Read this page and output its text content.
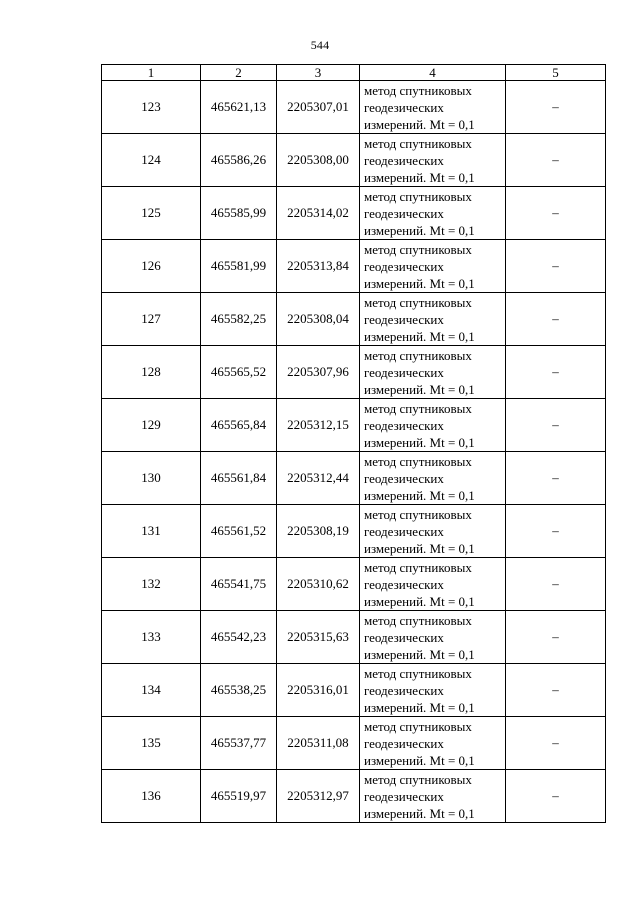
544
1	2	3	4	5
123	465621,13	2205307,01	метод спутниковых
геодезических
измерений. Mt = 0,1	–
124	465586,26	2205308,00	метод спутниковых
геодезических
измерений. Mt = 0,1	–
125	465585,99	2205314,02	метод спутниковых
геодезических
измерений. Mt = 0,1	–
126	465581,99	2205313,84	метод спутниковых
геодезических
измерений. Mt = 0,1	–
127	465582,25	2205308,04	метод спутниковых
геодезических
измерений. Mt = 0,1	–
128	465565,52	2205307,96	метод спутниковых
геодезических
измерений. Mt = 0,1	–
129	465565,84	2205312,15	метод спутниковых
геодезических
измерений. Mt = 0,1	–
130	465561,84	2205312,44	метод спутниковых
геодезических
измерений. Mt = 0,1	–
131	465561,52	2205308,19	метод спутниковых
геодезических
измерений. Mt = 0,1	–
132	465541,75	2205310,62	метод спутниковых
геодезических
измерений. Mt = 0,1	–
133	465542,23	2205315,63	метод спутниковых
геодезических
измерений. Mt = 0,1	–
134	465538,25	2205316,01	метод спутниковых
геодезических
измерений. Mt = 0,1	–
135	465537,77	2205311,08	метод спутниковых
геодезических
измерений. Mt = 0,1	–
136	465519,97	2205312,97	метод спутниковых
геодезических
измерений. Mt = 0,1	–
